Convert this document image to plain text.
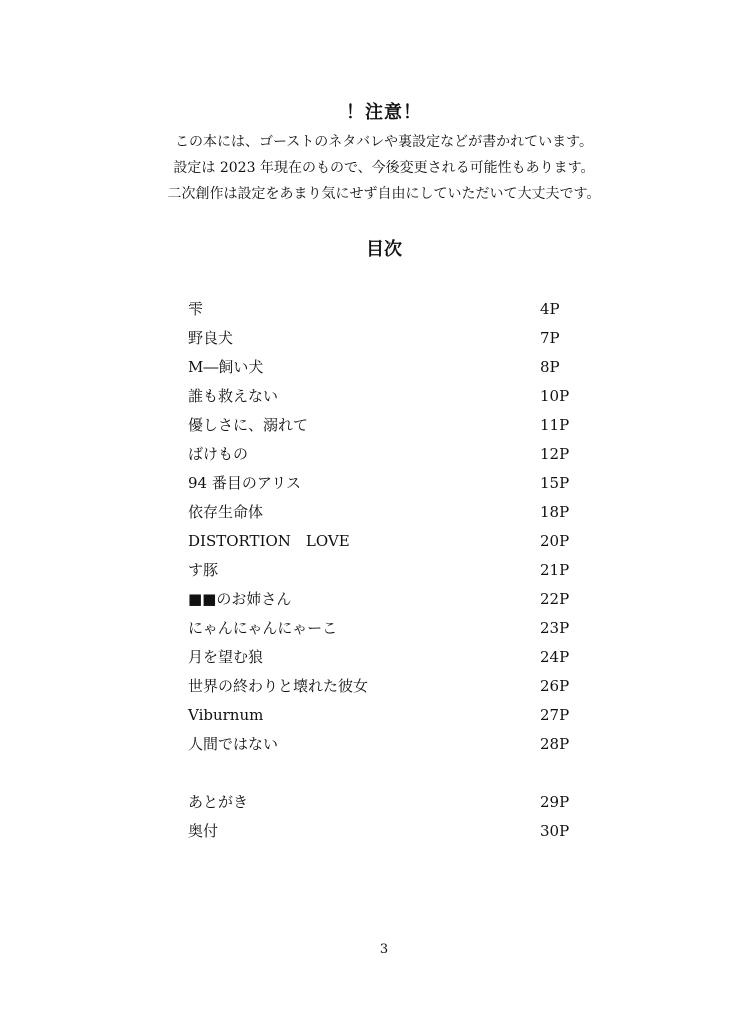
！注意！
この本には、ゴーストのネタバレや裏設定などが書かれています。
設定は 2023 年現在のもので、今後変更される可能性もあります。
二次創作は設定をあまり気にせず自由にしていただいて大丈夫です。
目次
雫	4P
野良犬	7P
M―飼い犬	8P
誰も救えない	10P
優しさに、溺れて	11P
ばけもの	12P
94 番目のアリス	15P
依存生命体	18P
DISTORTION　LOVE	20P
す豚	21P
■■のお姉さん	22P
にゃんにゃんにゃーこ	23P
月を望む狼	24P
世界の終わりと壊れた彼女	26P
Viburnum	27P
人間ではない	28P
あとがき	29P
奥付	30P
3
